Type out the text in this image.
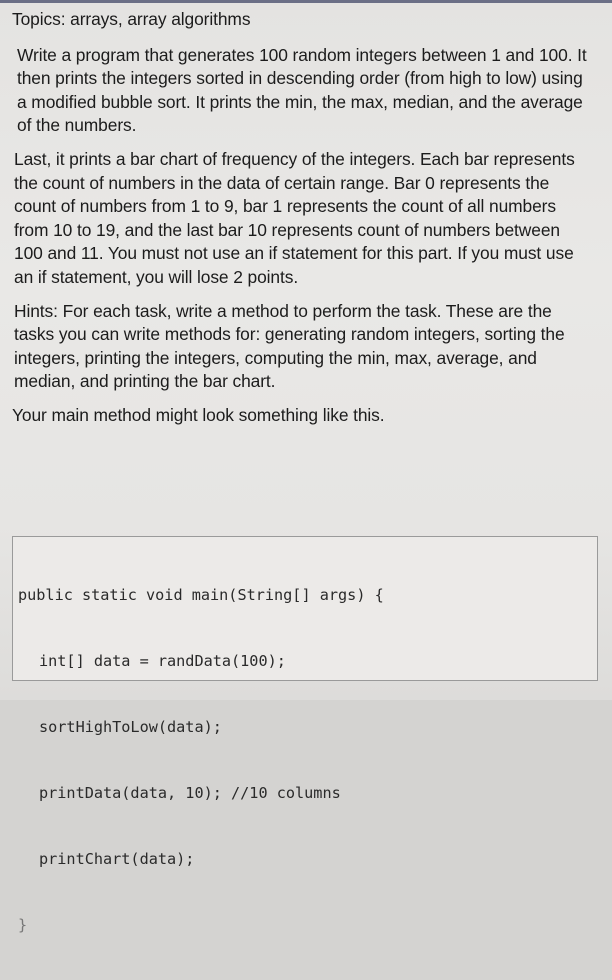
Topics: arrays, array algorithms

Write a program that generates 100 random integers between 1 and 100. It then prints the integers sorted in descending order (from high to low) using a modified bubble sort. It prints the min, the max, median, and the average of the numbers.

Last, it prints a bar chart of frequency of the integers. Each bar represents the count of numbers in the data of certain range. Bar 0 represents the count of numbers from 1 to 9, bar 1 represents the count of all numbers from 10 to 19, and the last bar 10 represents count of numbers between 100 and 11. You must not use an if statement for this part. If you must use an if statement, you will lose 2 points.

Hints: For each task, write a method to perform the task. These are the tasks you can write methods for: generating random integers, sorting the integers, printing the integers, computing the min, max, average, and median, and printing the bar chart.

Your main method might look something like this.

public static void main(String[] args) {

int[] data = randData(100);

sortHighToLow(data);

printData(data, 10); //10 columns

printChart(data);

}
